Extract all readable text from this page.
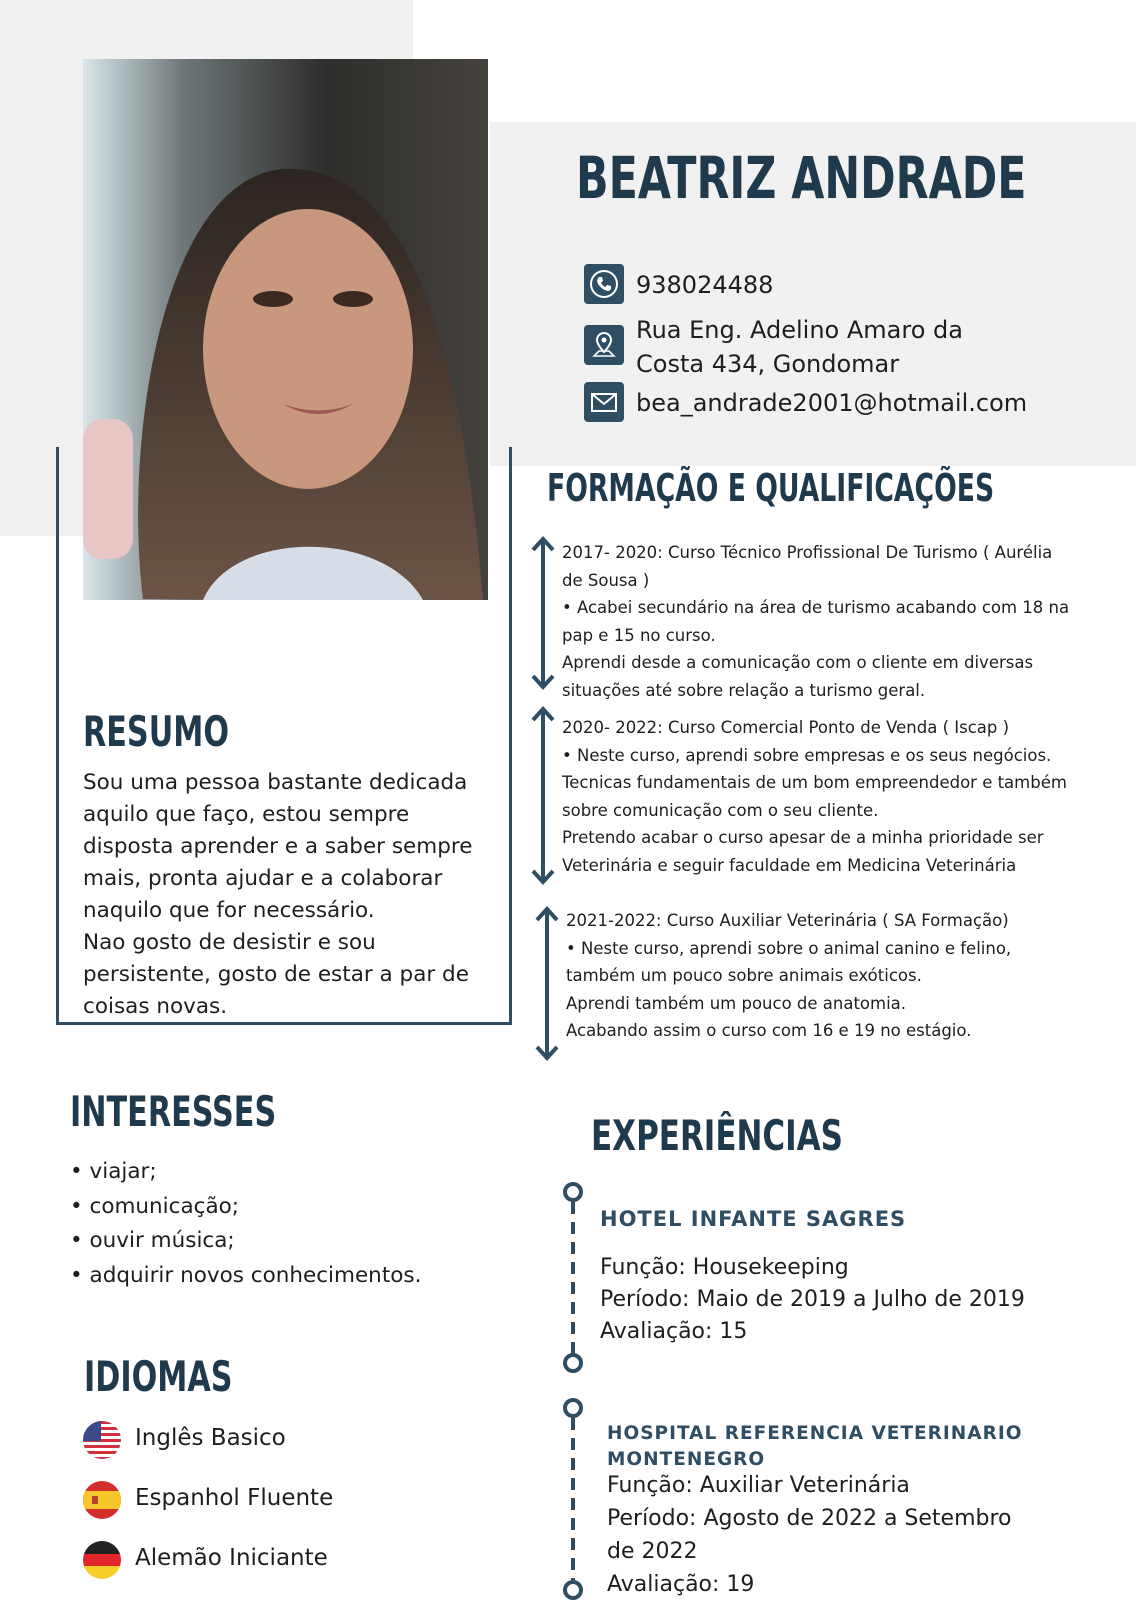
BEATRIZ ANDRADE
938024488
Rua Eng. Adelino Amaro da
Costa 434, Gondomar
bea_andrade2001@hotmail.com
FORMAÇÃO E QUALIFICAÇÕES
2017- 2020: Curso Técnico Profissional De Turismo ( Aurélia
de Sousa )
• Acabei secundário na área de turismo acabando com 18 na
pap e 15 no curso.
Aprendi desde a comunicação com o cliente em diversas
situações até sobre relação a turismo geral.
2020- 2022: Curso Comercial Ponto de Venda ( Iscap )
• Neste curso, aprendi sobre empresas e os seus negócios.
Tecnicas fundamentais de um bom empreendedor e também
sobre comunicação com o seu cliente.
Pretendo acabar o curso apesar de a minha prioridade ser
Veterinária e seguir faculdade em Medicina Veterinária
2021-2022: Curso Auxiliar Veterinária ( SA Formação)
• Neste curso, aprendi sobre o animal canino e felino,
também um pouco sobre animais exóticos.
Aprendi também um pouco de anatomia.
Acabando assim o curso com 16 e 19 no estágio.
RESUMO
Sou uma pessoa bastante dedicada
aquilo que faço, estou sempre
disposta aprender e a saber sempre
mais, pronta ajudar e a colaborar
naquilo que for necessário.
Nao gosto de desistir e sou
persistente, gosto de estar a par de
coisas novas.
INTERESSES
• viajar;
• comunicação;
• ouvir música;
• adquirir novos conhecimentos.
IDIOMAS
Inglês Basico
Espanhol Fluente
Alemão Iniciante
EXPERIÊNCIAS
HOTEL INFANTE SAGRES
Função: Housekeeping
Período: Maio de 2019 a Julho de 2019
Avaliação: 15
HOSPITAL REFERENCIA VETERINARIO
MONTENEGRO
Função: Auxiliar Veterinária
Período: Agosto de 2022 a Setembro
de 2022
Avaliação: 19
